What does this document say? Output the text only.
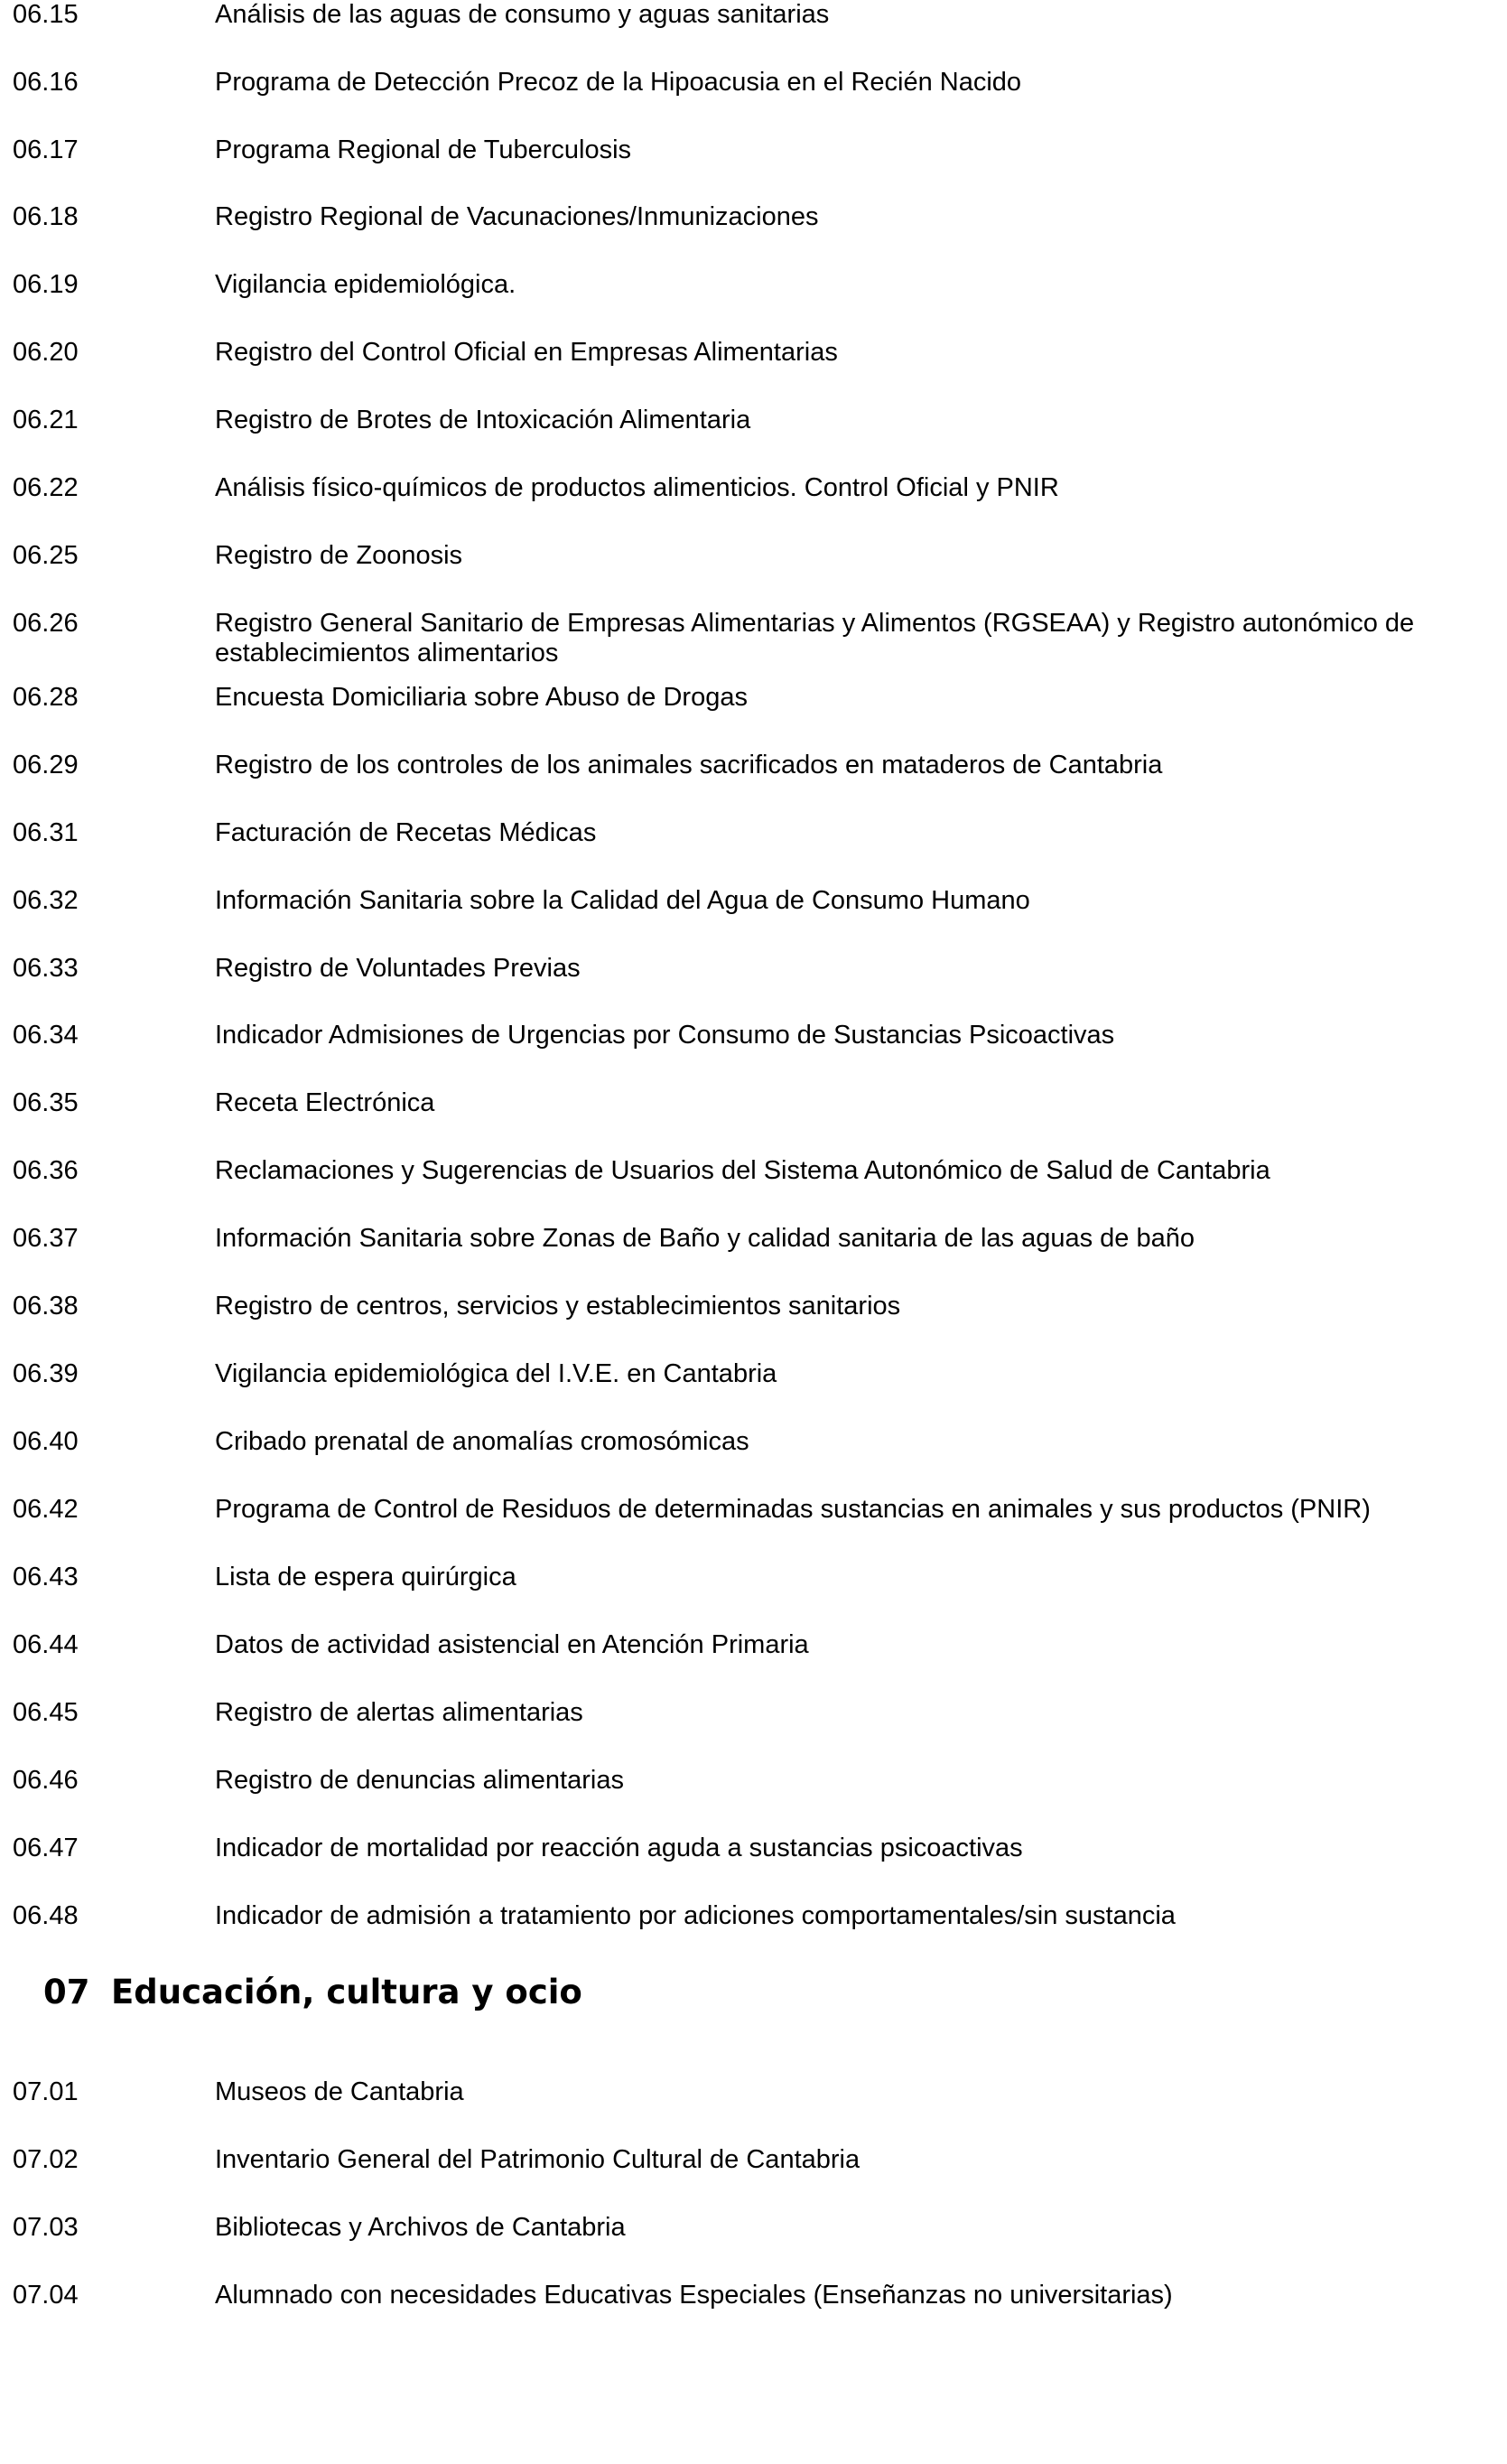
06.15	Análisis de las aguas de consumo y aguas sanitarias
06.16	Programa de Detección Precoz de la Hipoacusia en el Recién Nacido
06.17	Programa Regional de Tuberculosis
06.18	Registro Regional de Vacunaciones/Inmunizaciones
06.19	Vigilancia epidemiológica.
06.20	Registro del Control Oficial en Empresas Alimentarias
06.21	Registro de Brotes de Intoxicación Alimentaria
06.22	Análisis físico-químicos de productos alimenticios. Control Oficial y PNIR
06.25	Registro de Zoonosis
06.26	Registro General Sanitario de Empresas Alimentarias y Alimentos (RGSEAA) y Registro autonómico de establecimientos alimentarios
06.28	Encuesta Domiciliaria sobre Abuso de Drogas
06.29	Registro de los controles de los animales sacrificados en mataderos de Cantabria
06.31	Facturación de Recetas Médicas
06.32	Información Sanitaria sobre la Calidad del Agua de Consumo Humano
06.33	Registro de Voluntades Previas
06.34	Indicador Admisiones de Urgencias por Consumo de Sustancias Psicoactivas
06.35	Receta Electrónica
06.36	Reclamaciones y Sugerencias de Usuarios del Sistema Autonómico de Salud de Cantabria
06.37	Información Sanitaria sobre Zonas de Baño y calidad sanitaria de las aguas de baño
06.38	Registro de centros, servicios y establecimientos sanitarios
06.39	Vigilancia epidemiológica del I.V.E. en Cantabria
06.40	Cribado prenatal de anomalías cromosómicas
06.42	Programa de Control de Residuos de determinadas sustancias en animales y sus productos (PNIR)
06.43	Lista de espera quirúrgica
06.44	Datos de actividad asistencial en Atención Primaria
06.45	Registro de alertas alimentarias
06.46	Registro de denuncias alimentarias
06.47	Indicador de mortalidad por reacción aguda a sustancias psicoactivas
06.48	Indicador de admisión a tratamiento por adiciones comportamentales/sin sustancia
07 Educación, cultura y ocio
07.01	Museos de Cantabria
07.02	Inventario General del Patrimonio Cultural de Cantabria
07.03	Bibliotecas y Archivos de Cantabria
07.04	Alumnado con necesidades Educativas Especiales (Enseñanzas no universitarias)
